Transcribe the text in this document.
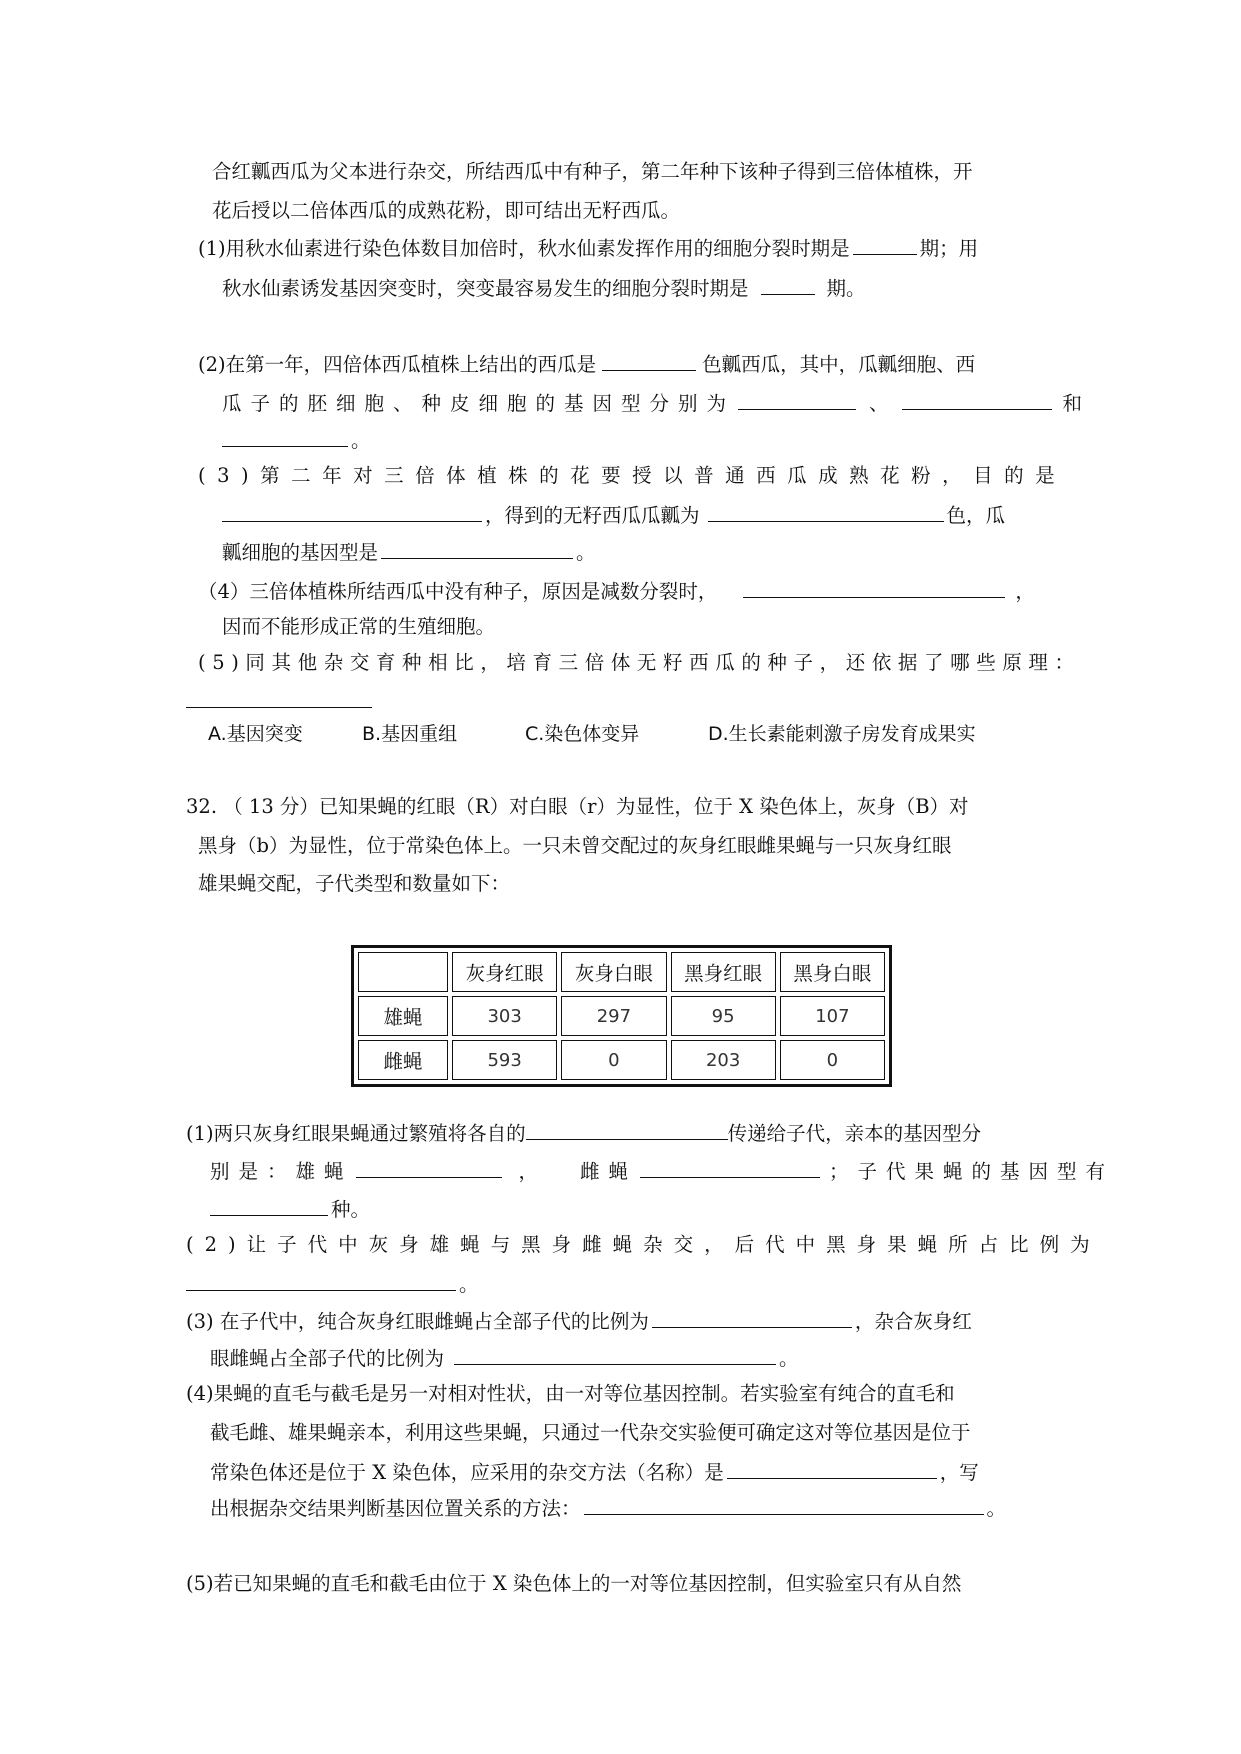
合红瓤西瓜为父本进行杂交，所结西瓜中有种子，第二年种下该种子得到三倍体植株，开
花后授以二倍体西瓜的成熟花粉，即可结出无籽西瓜。
(1)用秋水仙素进行染色体数目加倍时，秋水仙素发挥作用的细胞分裂时期是	期；用
秋水仙素诱发基因突变时，突变最容易发生的细胞分裂时期是	期。
(2)在第一年，四倍体西瓜植株上结出的西瓜是	色瓤西瓜，其中，瓜瓤细胞、西
瓜子的胚细胞、种皮细胞的基因型分别为	、	和
。
(3)第二年对三倍体植株的花要授以普通西瓜成熟花粉，目的是
，得到的无籽西瓜瓜瓤为	色，瓜
瓤细胞的基因型是	。
（4）三倍体植株所结西瓜中没有种子，原因是减数分裂时，	，
因而不能形成正常的生殖细胞。
(5)同其他杂交育种相比，培育三倍体无籽西瓜的种子，还依据了哪些原理：
A.基因突变	B.基因重组	C.染色体变异	D.生长素能刺激子房发育成果实
32. （ 13 分）已知果蝇的红眼（R）对白眼（r）为显性，位于 X 染色体上，灰身（B）对
黑身（b）为显性，位于常染色体上。一只未曾交配过的灰身红眼雌果蝇与一只灰身红眼
雄果蝇交配，子代类型和数量如下：
	灰身红眼	灰身白眼	黑身红眼	黑身白眼
雄蝇	303	297	95	107
雌蝇	593	0	203	0
(1)两只灰身红眼果蝇通过繁殖将各自的	传递给子代，亲本的基因型分
别是：雄蝇	， 雌蝇	；子代果蝇的基因型有
种。
(2)让子代中灰身雄蝇与黑身雌蝇杂交，后代中黑身果蝇所占比例为
。
(3) 在子代中，纯合灰身红眼雌蝇占全部子代的比例为	，杂合灰身红
眼雌蝇占全部子代的比例为	。
(4)果蝇的直毛与截毛是另一对相对性状，由一对等位基因控制。若实验室有纯合的直毛和
截毛雌、雄果蝇亲本，利用这些果蝇，只通过一代杂交实验便可确定这对等位基因是位于
常染色体还是位于 X 染色体，应采用的杂交方法（名称）是	，写
出根据杂交结果判断基因位置关系的方法：	。
(5)若已知果蝇的直毛和截毛由位于 X 染色体上的一对等位基因控制，但实验室只有从自然
